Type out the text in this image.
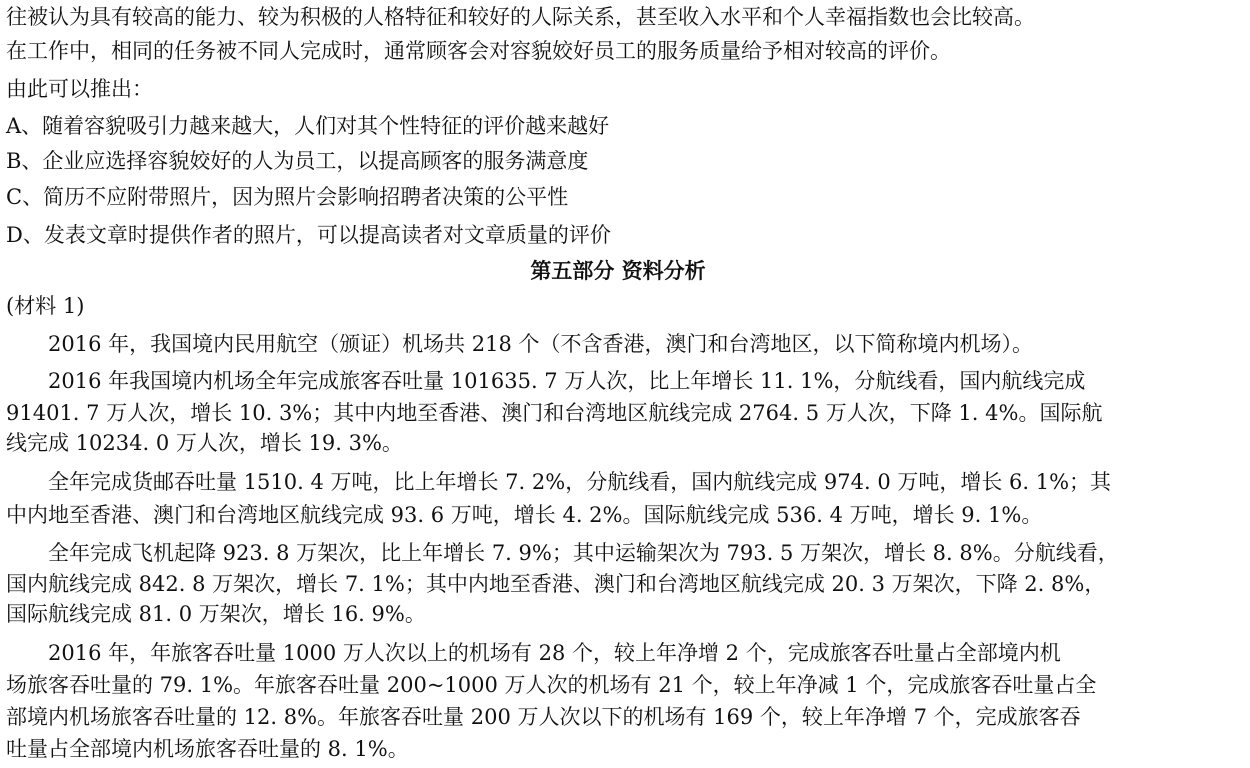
往被认为具有较高的能力、较为积极的人格特征和较好的人际关系，甚至收入水平和个人幸福指数也会比较高。
在工作中，相同的任务被不同人完成时，通常顾客会对容貌姣好员工的服务质量给予相对较高的评价。
由此可以推出：
A、随着容貌吸引力越来越大，人们对其个性特征的评价越来越好
B、企业应选择容貌姣好的人为员工，以提高顾客的服务满意度
C、简历不应附带照片，因为照片会影响招聘者决策的公平性
D、发表文章时提供作者的照片，可以提高读者对文章质量的评价
第五部分 资料分析
(材料 1)
2016 年，我国境内民用航空（颁证）机场共 218 个（不含香港，澳门和台湾地区，以下简称境内机场）。
2016 年我国境内机场全年完成旅客吞吐量 101635. 7 万人次，比上年增长 11. 1%，分航线看，国内航线完成
91401. 7 万人次，增长 10. 3%；其中内地至香港、澳门和台湾地区航线完成 2764. 5 万人次，下降 1. 4%。国际航
线完成 10234. 0 万人次，增长 19. 3%。
全年完成货邮吞吐量 1510. 4 万吨，比上年增长 7. 2%，分航线看，国内航线完成 974. 0 万吨，增长 6. 1%；其
中内地至香港、澳门和台湾地区航线完成 93. 6 万吨，增长 4. 2%。国际航线完成 536. 4 万吨，增长 9. 1%。
全年完成飞机起降 923. 8 万架次，比上年增长 7. 9%；其中运输架次为 793. 5 万架次，增长 8. 8%。分航线看，
国内航线完成 842. 8 万架次，增长 7. 1%；其中内地至香港、澳门和台湾地区航线完成 20. 3 万架次，下降 2. 8%，
国际航线完成 81. 0 万架次，增长 16. 9%。
2016 年，年旅客吞吐量 1000 万人次以上的机场有 28 个，较上年净增 2 个，完成旅客吞吐量占全部境内机
场旅客吞吐量的 79. 1%。年旅客吞吐量 200~1000 万人次的机场有 21 个，较上年净减 1 个，完成旅客吞吐量占全
部境内机场旅客吞吐量的 12. 8%。年旅客吞吐量 200 万人次以下的机场有 169 个，较上年净增 7 个，完成旅客吞
吐量占全部境内机场旅客吞吐量的 8. 1%。
